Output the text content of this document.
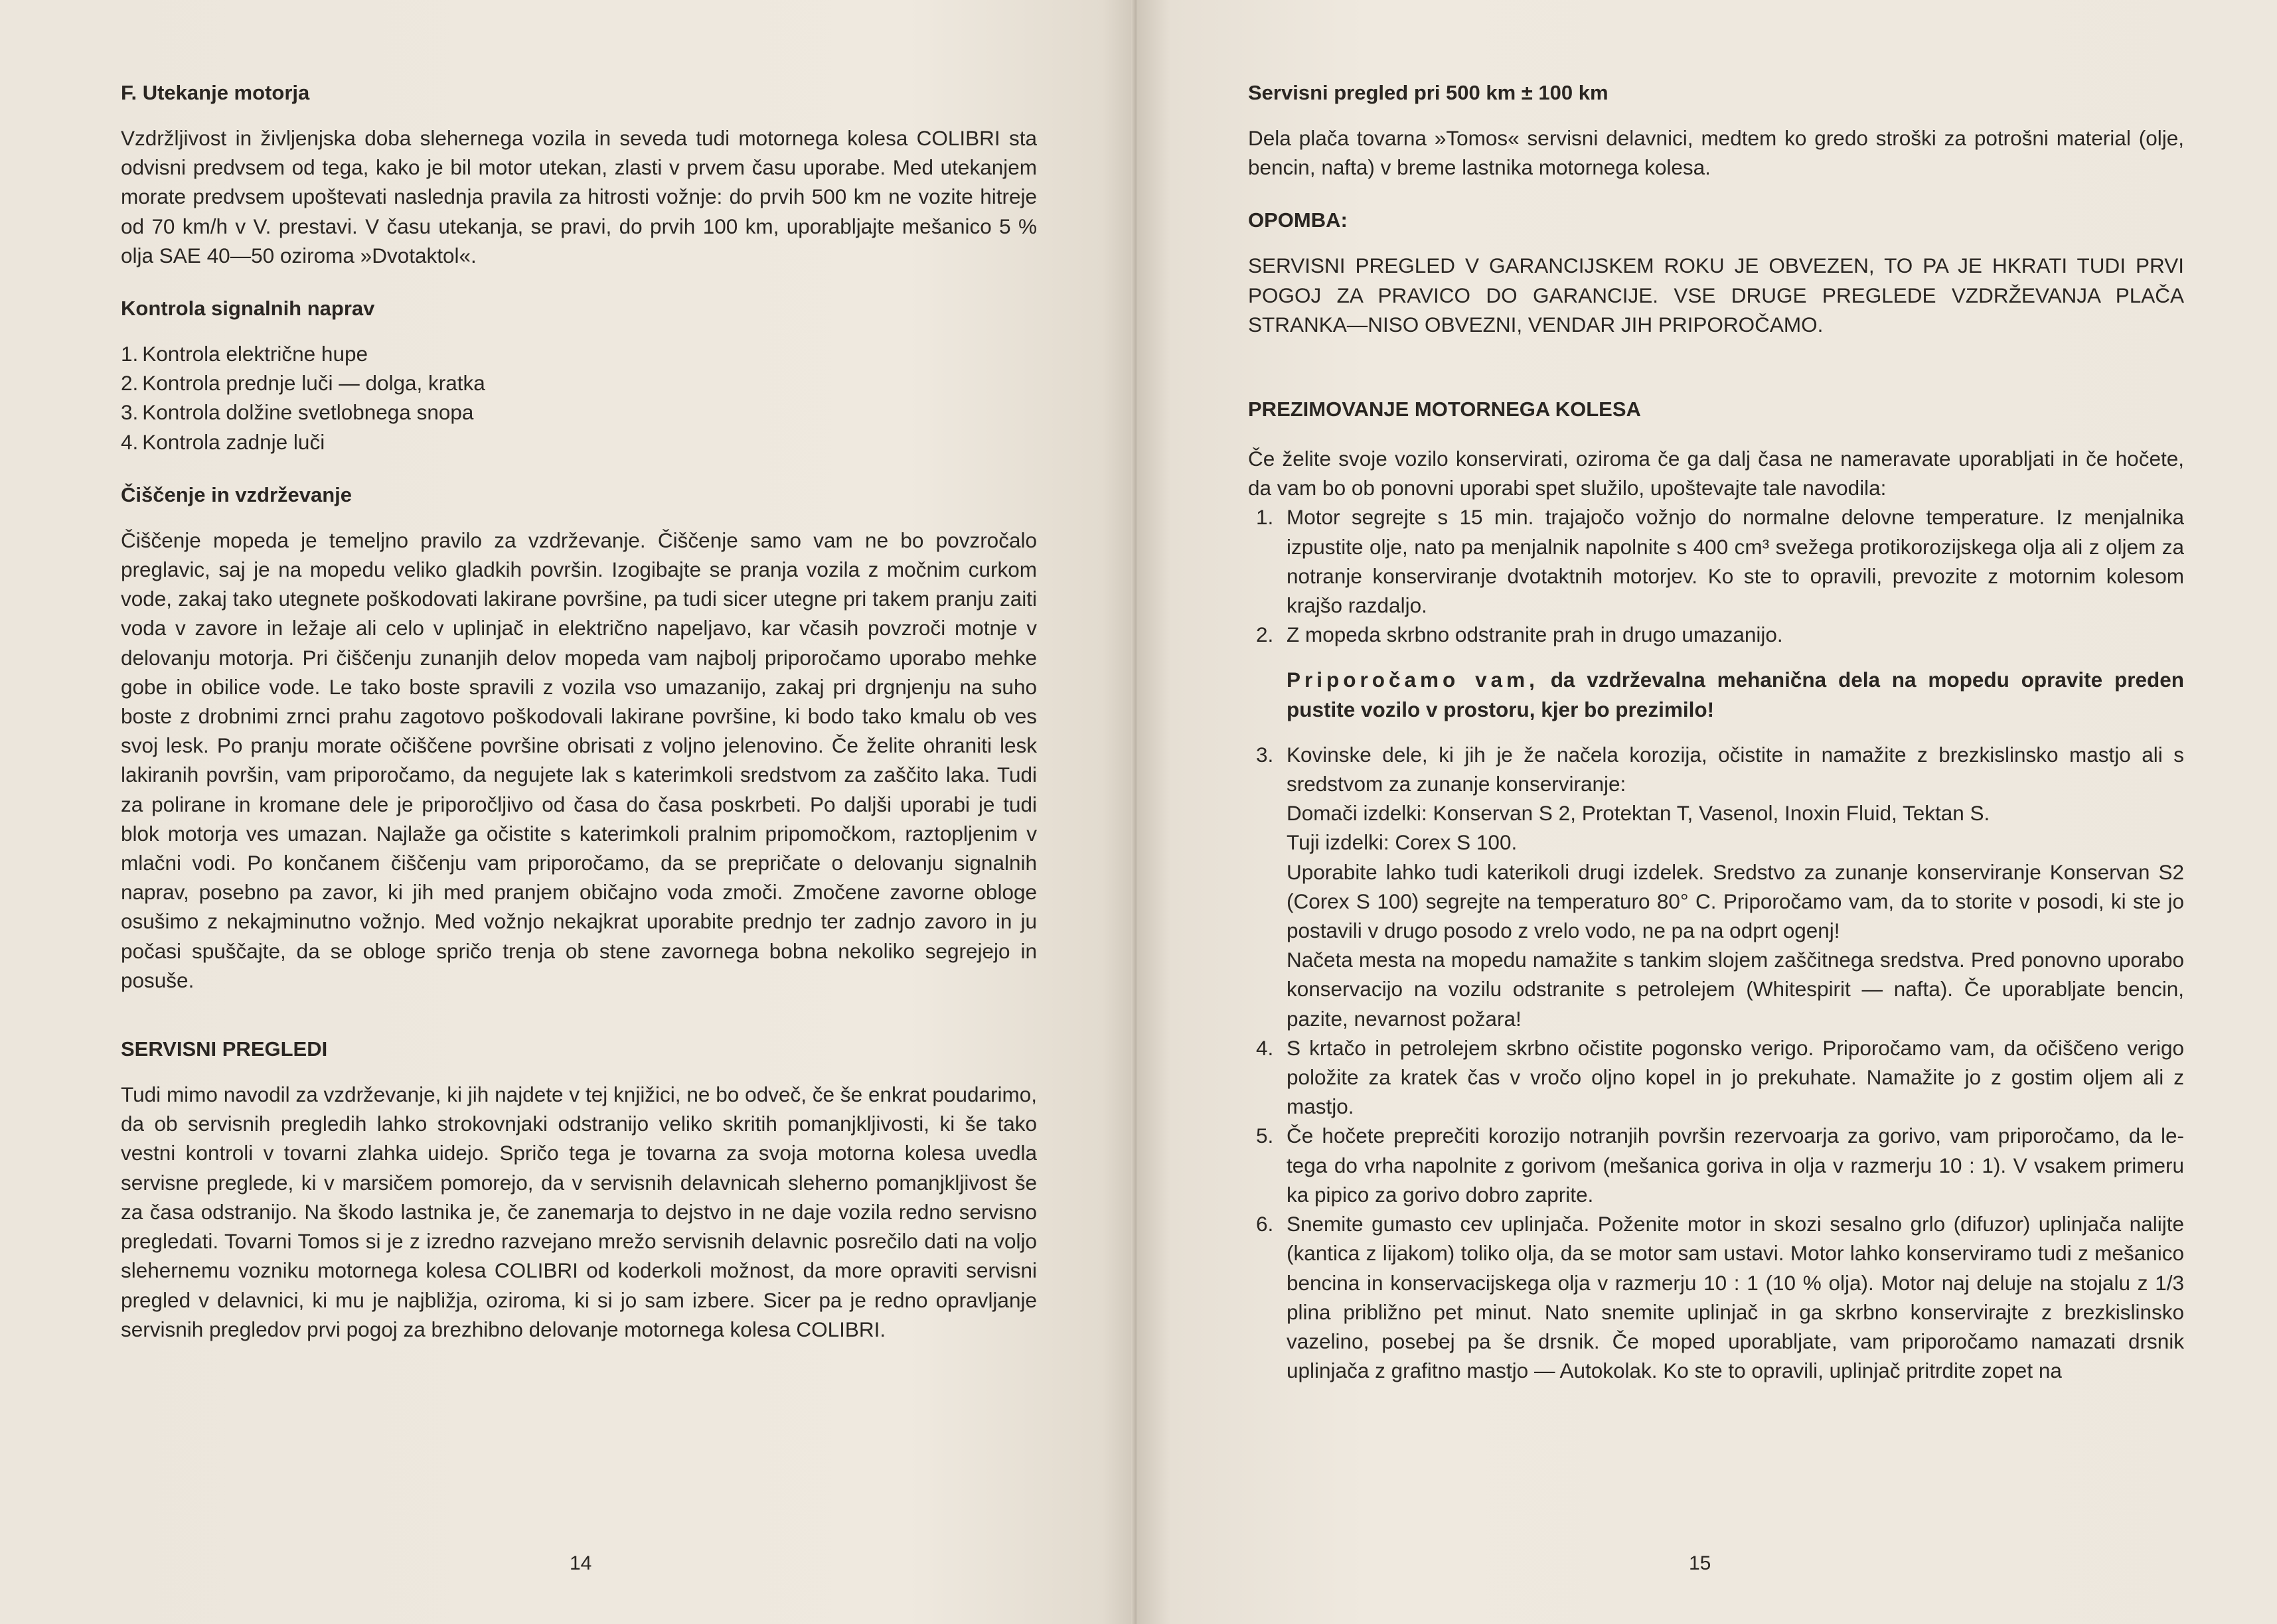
F. Utekanje motorja

Vzdržljivost in življenjska doba slehernega vozila in seveda tudi motornega kolesa COLIBRI sta odvisni predvsem od tega, kako je bil motor utekan, zlasti v prvem času uporabe. Med utekanjem morate predvsem upoštevati naslednja pravila za hitrosti vožnje: do prvih 500 km ne vozite hitreje od 70 km/h v V. prestavi. V času utekanja, se pravi, do prvih 100 km, uporabljajte mešanico 5 % olja SAE 40—50 oziroma »Dvotaktol«.

Kontrola signalnih naprav
1. Kontrola električne hupe
2. Kontrola prednje luči — dolga, kratka
3. Kontrola dolžine svetlobnega snopa
4. Kontrola zadnje luči
Čiščenje in vzdrževanje

Čiščenje mopeda je temeljno pravilo za vzdrževanje. Čiščenje samo vam ne bo povzročalo preglavic, saj je na mopedu veliko gladkih površin. Izogibajte se pranja vozila z močnim curkom vode, zakaj tako utegnete poškodovati lakirane površine, pa tudi sicer utegne pri takem pranju zaiti voda v zavore in ležaje ali celo v uplinjač in električno napeljavo, kar včasih povzroči motnje v delovanju motorja. Pri čiščenju zunanjih delov mopeda vam najbolj priporočamo uporabo mehke gobe in obilice vode. Le tako boste spravili z vozila vso umazanijo, zakaj pri drgnjenju na suho boste z drobnimi zrnci prahu zagotovo poškodovali lakirane površine, ki bodo tako kmalu ob ves svoj lesk. Po pranju morate očiščene površine obrisati z voljno jelenovino. Če želite ohraniti lesk lakiranih površin, vam priporočamo, da negujete lak s katerimkoli sredstvom za zaščito laka. Tudi za polirane in kromane dele je priporočljivo od časa do časa poskrbeti. Po daljši uporabi je tudi blok motorja ves umazan. Najlaže ga očistite s katerimkoli pralnim pripomočkom, raztopljenim v mlačni vodi. Po končanem čiščenju vam priporočamo, da se prepričate o delovanju signalnih naprav, posebno pa zavor, ki jih med pranjem običajno voda zmoči. Zmočene zavorne obloge osušimo z nekajminutno vožnjo. Med vožnjo nekajkrat uporabite prednjo ter zadnjo zavoro in ju počasi spuščajte, da se obloge spričo trenja ob stene zavornega bobna nekoliko segrejejo in posuše.

SERVISNI PREGLEDI

Tudi mimo navodil za vzdrževanje, ki jih najdete v tej knjižici, ne bo odveč, če še enkrat poudarimo, da ob servisnih pregledih lahko strokovnjaki odstranijo veliko skritih pomanjkljivosti, ki še tako vestni kontroli v tovarni zlahka uidejo. Spričo tega je tovarna za svoja motorna kolesa uvedla servisne preglede, ki v marsičem pomorejo, da v servisnih delavnicah sleherno pomanjkljivost še za časa odstranijo. Na škodo lastnika je, če zanemarja to dejstvo in ne daje vozila redno servisno pregledati. Tovarni Tomos si je z izredno razvejano mrežo servisnih delavnic posrečilo dati na voljo slehernemu vozniku motornega kolesa COLIBRI od koderkoli možnost, da more opraviti servisni pregled v delavnici, ki mu je najbližja, oziroma, ki si jo sam izbere. Sicer pa je redno opravljanje servisnih pregledov prvi pogoj za brezhibno delovanje motornega kolesa COLIBRI.

14
Servisni pregled pri 500 km ± 100 km

Dela plača tovarna »Tomos« servisni delavnici, medtem ko gredo stroški za potrošni material (olje, bencin, nafta) v breme lastnika motornega kolesa.

OPOMBA:

SERVISNI PREGLED V GARANCIJSKEM ROKU JE OBVEZEN, TO PA JE HKRATI TUDI PRVI POGOJ ZA PRAVICO DO GARANCIJE. VSE DRUGE PREGLEDE VZDRŽEVANJA PLAČA STRANKA—NISO OBVEZNI, VENDAR JIH PRIPOROČAMO.

PREZIMOVANJE MOTORNEGA KOLESA

Če želite svoje vozilo konservirati, oziroma če ga dalj časa ne nameravate uporabljati in če hočete, da vam bo ob ponovni uporabi spet služilo, upoštevajte tale navodila:

1. Motor segrejte s 15 min. trajajočo vožnjo do normalne delovne temperature. Iz menjalnika izpustite olje, nato pa menjalnik napolnite s 400 cm³ svežega protikorozijskega olja ali z oljem za notranje konserviranje dvotaktnih motorjev. Ko ste to opravili, prevozite z motornim kolesom krajšo razdaljo.
2. Z mopeda skrbno odstranite prah in drugo umazanijo.

Priporočamo vam, da vzdrževalna mehanična dela na mopedu opravite preden pustite vozilo v prostoru, kjer bo prezimilo!

3. Kovinske dele, ki jih je že načela korozija, očistite in namažite z brezkislinsko mastjo ali s sredstvom za zunanje konserviranje:
Domači izdelki: Konservan S 2, Protektan T, Vasenol, Inoxin Fluid, Tektan S.
Tuji izdelki: Corex S 100.
Uporabite lahko tudi katerikoli drugi izdelek. Sredstvo za zunanje konserviranje Konservan S2 (Corex S 100) segrejte na temperaturo 80° C. Priporočamo vam, da to storite v posodi, ki ste jo postavili v drugo posodo z vrelo vodo, ne pa na odprt ogenj!
Načeta mesta na mopedu namažite s tankim slojem zaščitnega sredstva. Pred ponovno uporabo konservacijo na vozilu odstranite s petrolejem (Whitespirit — nafta). Če uporabljate bencin, pazite, nevarnost požara!
4. S krtačo in petrolejem skrbno očistite pogonsko verigo. Priporočamo vam, da očiščeno verigo položite za kratek čas v vročo oljno kopel in jo prekuhate. Namažite jo z gostim oljem ali z mastjo.
5. Če hočete preprečiti korozijo notranjih površin rezervoarja za gorivo, vam priporočamo, da le-tega do vrha napolnite z gorivom (mešanica goriva in olja v razmerju 10 : 1). V vsakem primeru ka pipico za gorivo dobro zaprite.
6. Snemite gumasto cev uplinjača. Poženite motor in skozi sesalno grlo (difuzor) uplinjača nalijte (kantica z lijakom) toliko olja, da se motor sam ustavi. Motor lahko konserviramo tudi z mešanico bencina in konservacijskega olja v razmerju 10 : 1 (10 % olja). Motor naj deluje na stojalu z 1/3 plina približno pet minut. Nato snemite uplinjač in ga skrbno konservirajte z brezkislinsko vazelino, posebej pa še drsnik. Če moped uporabljate, vam priporočamo namazati drsnik uplinjača z grafitno mastjo — Autokolak. Ko ste to opravili, uplinjač pritrdite zopet na
15
